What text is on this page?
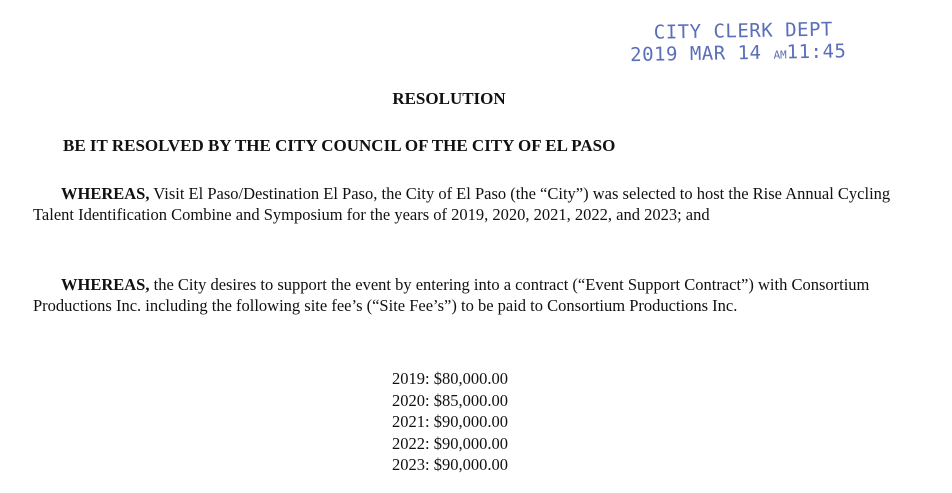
CITY CLERK DEPT
2019 MAR 14 AM11:45
RESOLUTION
BE IT RESOLVED BY THE CITY COUNCIL OF THE CITY OF EL PASO
WHEREAS, Visit El Paso/Destination El Paso, the City of El Paso (the “City”) was selected to host the Rise Annual Cycling Talent Identification Combine and Symposium for the years of 2019, 2020, 2021, 2022, and 2023; and
WHEREAS, the City desires to support the event by entering into a contract (“Event Support Contract”) with Consortium Productions Inc. including the following site fee’s (“Site Fee’s”) to be paid to Consortium Productions Inc.
2019: $80,000.00
2020: $85,000.00
2021: $90,000.00
2022: $90,000.00
2023: $90,000.00
